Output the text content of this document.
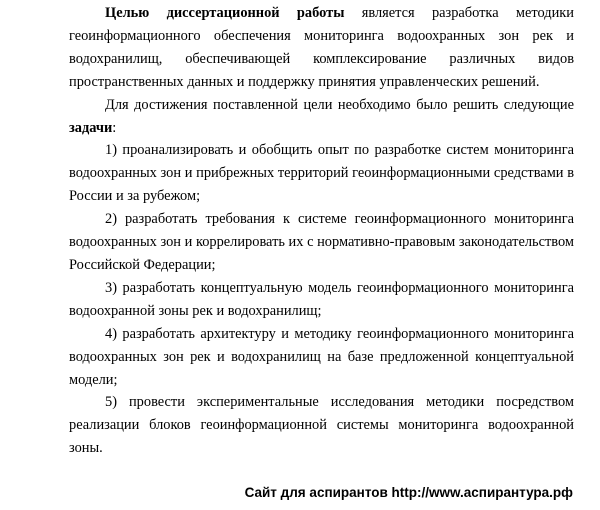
Целью диссертационной работы является разработка методики геоинформационного обеспечения мониторинга водоохранных зон рек и водохранилищ, обеспечивающей комплексирование различных видов пространственных данных и поддержку принятия управленческих решений.

Для достижения поставленной цели необходимо было решить следующие задачи:

1) проанализировать и обобщить опыт по разработке систем мониторинга водоохранных зон и прибрежных территорий геоинформационными средствами в России и за рубежом;

2) разработать требования к системе геоинформационного мониторинга водоохранных зон и коррелировать их с нормативно-правовым законодательством Российской Федерации;

3) разработать концептуальную модель геоинформационного мониторинга водоохранной зоны рек и водохранилищ;

4) разработать архитектуру и методику геоинформационного мониторинга водоохранных зон рек и водохранилищ на базе предложенной концептуальной модели;

5) провести экспериментальные исследования методики посредством реализации блоков геоинформационной системы мониторинга водоохранной зоны.

Сайт для аспирантов http://www.аспирантура.рф
